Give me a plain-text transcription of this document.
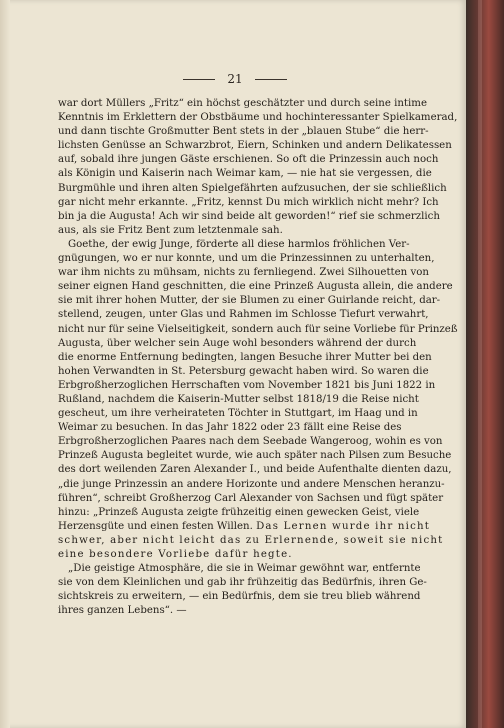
21
war dort Müllers „Fritz“ ein höchst geschätzter und durch seine intime
Kenntnis im Erklettern der Obstbäume und hochinteressanter Spielkamerad,
und dann tischte Großmutter Bent stets in der „blauen Stube“ die herr-
lichsten Genüsse an Schwarzbrot, Eiern, Schinken und andern Delikatessen
auf, sobald ihre jungen Gäste erschienen. So oft die Prinzessin auch noch
als Königin und Kaiserin nach Weimar kam, — nie hat sie vergessen, die
Burgmühle und ihren alten Spielgefährten aufzusuchen, der sie schließlich
gar nicht mehr erkannte. „Fritz, kennst Du mich wirklich nicht mehr? Ich
bin ja die Augusta! Ach wir sind beide alt geworden!“ rief sie schmerzlich
aus, als sie Fritz Bent zum letztenmale sah.
Goethe, der ewig Junge, förderte all diese harmlos fröhlichen Ver-
gnügungen, wo er nur konnte, und um die Prinzessinnen zu unterhalten,
war ihm nichts zu mühsam, nichts zu fernliegend. Zwei Silhouetten von
seiner eignen Hand geschnitten, die eine Prinzeß Augusta allein, die andere
sie mit ihrer hohen Mutter, der sie Blumen zu einer Guirlande reicht, dar-
stellend, zeugen, unter Glas und Rahmen im Schlosse Tiefurt verwahrt,
nicht nur für seine Vielseitigkeit, sondern auch für seine Vorliebe für Prinzeß
Augusta, über welcher sein Auge wohl besonders während der durch
die enorme Entfernung bedingten, langen Besuche ihrer Mutter bei den
hohen Verwandten in St. Petersburg gewacht haben wird. So waren die
Erbgroßherzoglichen Herrschaften vom November 1821 bis Juni 1822 in
Rußland, nachdem die Kaiserin-Mutter selbst 1818/19 die Reise nicht
gescheut, um ihre verheirateten Töchter in Stuttgart, im Haag und in
Weimar zu besuchen. In das Jahr 1822 oder 23 fällt eine Reise des
Erbgroßherzoglichen Paares nach dem Seebade Wangeroog, wohin es von
Prinzeß Augusta begleitet wurde, wie auch später nach Pilsen zum Besuche
des dort weilenden Zaren Alexander I., und beide Aufenthalte dienten dazu,
„die junge Prinzessin an andere Horizonte und andere Menschen heranzu-
führen“, schreibt Großherzog Carl Alexander von Sachsen und fügt später
hinzu: „Prinzeß Augusta zeigte frühzeitig einen gewecken Geist, viele
Herzensgüte und einen festen Willen. Das Lernen wurde ihr nicht
schwer, aber nicht leicht das zu Erlernende, soweit sie nicht
eine besondere Vorliebe dafür hegte.
„Die geistige Atmosphäre, die sie in Weimar gewöhnt war, entfernte
sie von dem Kleinlichen und gab ihr frühzeitig das Bedürfnis, ihren Ge-
sichtskreis zu erweitern, — ein Bedürfnis, dem sie treu blieb während
ihres ganzen Lebens“. —
